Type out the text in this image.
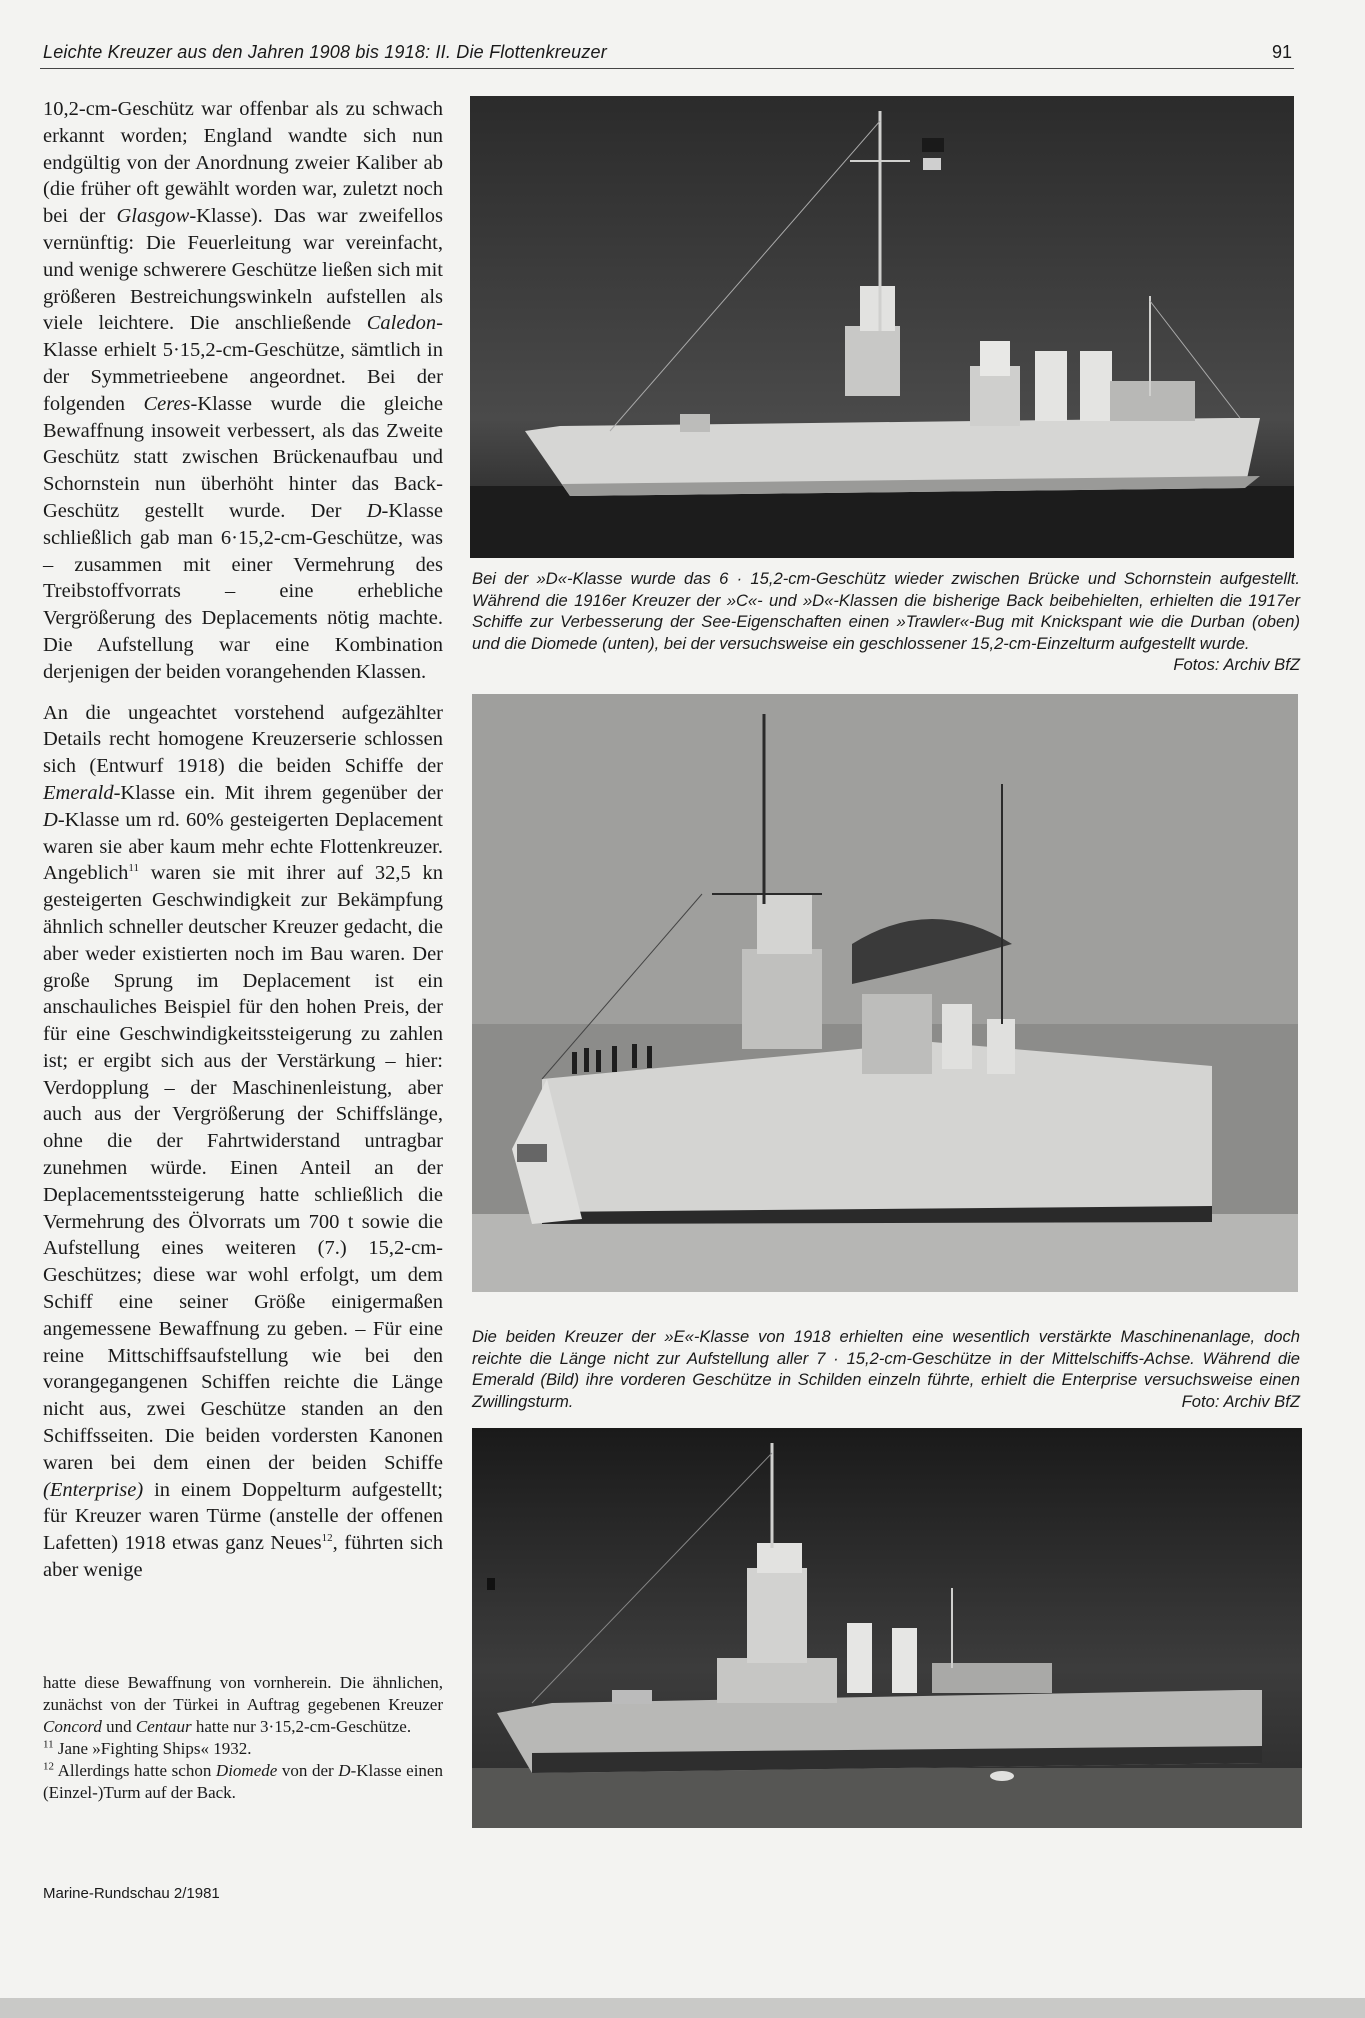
Leichte Kreuzer aus den Jahren 1908 bis 1918: II. Die Flottenkreuzer	91

10,2-cm-Geschütz war offenbar als zu schwach erkannt worden; England wandte sich nun endgültig von der Anordnung zweier Kaliber ab (die früher oft gewählt worden war, zuletzt noch bei der Glasgow-Klasse). Das war zweifellos vernünftig: Die Feuerleitung war vereinfacht, und wenige schwerere Geschütze ließen sich mit größeren Bestreichungswinkeln aufstellen als viele leichtere. Die anschließende Caledon-Klasse erhielt 5·15,2-cm-Geschütze, sämtlich in der Symmetrieebene angeordnet. Bei der folgenden Ceres-Klasse wurde die gleiche Bewaffnung insoweit verbessert, als das Zweite Geschütz statt zwischen Brückenaufbau und Schornstein nun überhöht hinter das Back-Geschütz gestellt wurde. Der D-Klasse schließlich gab man 6·15,2-cm-Geschütze, was – zusammen mit einer Vermehrung des Treibstoffvorrats – eine erhebliche Vergrößerung des Deplacements nötig machte. Die Aufstellung war eine Kombination derjenigen der beiden vorangehenden Klassen.

An die ungeachtet vorstehend aufgezählter Details recht homogene Kreuzerserie schlossen sich (Entwurf 1918) die beiden Schiffe der Emerald-Klasse ein. Mit ihrem gegenüber der D-Klasse um rd. 60% gesteigerten Deplacement waren sie aber kaum mehr echte Flottenkreuzer. Angeblich$^{11}$ waren sie mit ihrer auf 32,5 kn gesteigerten Geschwindigkeit zur Bekämpfung ähnlich schneller deutscher Kreuzer gedacht, die aber weder existierten noch im Bau waren. Der große Sprung im Deplacement ist ein anschauliches Beispiel für den hohen Preis, der für eine Geschwindigkeitssteigerung zu zahlen ist; er ergibt sich aus der Verstärkung – hier: Verdopplung – der Maschinenleistung, aber auch aus der Vergrößerung der Schiffslänge, ohne die der Fahrtwiderstand untragbar zunehmen würde. Einen Anteil an der Deplacementssteigerung hatte schließlich die Vermehrung des Ölvorrats um 700 t sowie die Aufstellung eines weiteren (7.) 15,2-cm-Geschützes; diese war wohl erfolgt, um dem Schiff eine seiner Größe einigermaßen angemessene Bewaffnung zu geben. – Für eine reine Mittschiffsaufstellung wie bei den vorangegangenen Schiffen reichte die Länge nicht aus, zwei Geschütze standen an den Schiffsseiten. Die beiden vordersten Kanonen waren bei dem einen der beiden Schiffe (Enterprise) in einem Doppelturm aufgestellt; für Kreuzer waren Türme (anstelle der offenen Lafetten) 1918 etwas ganz Neues$^{12}$, führten sich aber wenige

hatte diese Bewaffnung von vornherein. Die ähnlichen, zunächst von der Türkei in Auftrag gegebenen Kreuzer Concord und Centaur hatte nur 3·15,2-cm-Geschütze.

$^{11}$ Jane »Fighting Ships« 1932.

$^{12}$ Allerdings hatte schon Diomede von der D-Klasse einen (Einzel-)Turm auf der Back.

Marine-Rundschau 2/1981
Bei der »D«-Klasse wurde das 6 · 15,2-cm-Geschütz wieder zwischen Brücke und Schornstein aufgestellt. Während die 1916er Kreuzer der »C«- und »D«-Klassen die bisherige Back beibehielten, erhielten die 1917er Schiffe zur Verbesserung der See-Eigenschaften einen »Trawler«-Bug mit Knickspant wie die Durban (oben) und die Diomede (unten), bei der versuchsweise ein geschlossener 15,2-cm-Einzelturm aufgestellt wurde.
Fotos: Archiv BfZ
Die beiden Kreuzer der »E«-Klasse von 1918 erhielten eine wesentlich verstärkte Maschinenanlage, doch reichte die Länge nicht zur Aufstellung aller 7 · 15,2-cm-Geschütze in der Mittelschiffs-Achse. Während die Emerald (Bild) ihre vorderen Geschütze in Schilden einzeln führte, erhielt die Enterprise versuchsweise einen Zwillingsturm.	Foto: Archiv BfZ
